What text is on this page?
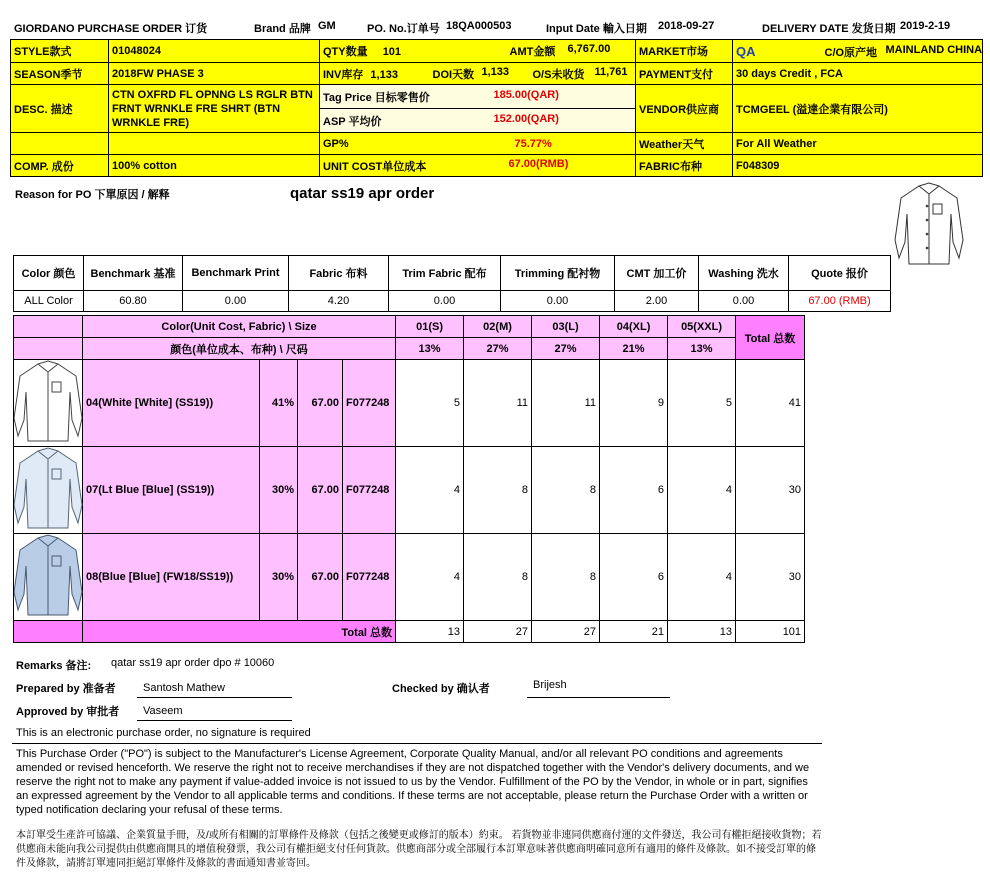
GIORDANO PURCHASE ORDER 订货	Brand 品牌 GM	PO. No.订单号 18QA000503	Input Date 輸入日期 2018-09-27	DELIVERY DATE 发货日期 2019-2-19
STYLE款式	01048024	QTY数量 101 AMT金额 6,767.00	MARKET市场	QA C/O原产地 MAINLAND CHINA

SEASON季节	2018FW PHASE 3	INV库存 1,133 DOI天数 1,133 O/S未收货 11,761	PAYMENT支付	30 days Credit , FCA
DESC. 描述	CTN OXFRD FL OPNNG LS RGLR BTN FRNT WRNKLE FRE SHRT (BTN WRNKLE FRE)	Tag Price 目标零售价 185.00(QAR)	VENDOR供应商	TCMGEEL (溢達企業有限公司)
		ASP 平均价 152.00(QAR)		

		GP% 75.77%	Weather天气	For All Weather
COMP. 成份	100% cotton	UNIT COST单位成本 67.00(RMB)	FABRIC布种	F048309
Reason for PO 下單原因 / 解释	qatar ss19 apr order
Color 颜色	Benchmark 基准	Benchmark Print	Fabric 布料	Trim Fabric 配布	Trimming 配衬物	CMT 加工价	Washing 洗水	Quote 报价
ALL Color	60.80	0.00	4.20	0.00	0.00	2.00	0.00	67.00 (RMB)
	Color(Unit Cost, Fabric) \ Size				01(S)	02(M)	03(L)	04(XL)	05(XXL)	Total 总数
	颜色(单位成本、布种) \ 尺码				13%	27%	27%	21%	13%	
	04(White [White] (SS19))	41%	67.00	F077248	5	11	11	9	5	41
	07(Lt Blue [Blue] (SS19))	30%	67.00	F077248	4	8	8	6	4	30
	08(Blue [Blue] (FW18/SS19))	30%	67.00	F077248	4	8	8	6	4	30
	Total 总数				13	27	27	21	13	101
Remarks 备注: qatar ss19 apr order dpo # 10060
Prepared by 准备者 Santosh Mathew	Checked by 确认者	Brijesh
Approved by 审批者 Vaseem
This is an electronic purchase order, no signature is required
This Purchase Order ("PO") is subject to the Manufacturer's License Agreement, Corporate Quality Manual, and/or all relevant PO conditions and agreements amended or revised henceforth. We reserve the right not to receive merchandises if they are not dispatched together with the Vendor's delivery documents, and we reserve the right not to make any payment if value-added invoice is not issued to us by the Vendor. Fulfillment of the PO by the Vendor, in whole or in part, signifies an expressed agreement by the Vendor to all applicable terms and conditions. If these terms are not acceptable, please return the Purchase Order with a written or typed notification declaring your refusal of these terms.
本訂單受生產許可協議、企業質量手冊，及/或所有相關的訂單條件及條款（包括之後變更或修訂的版本）約束。 若貨物並非連同供應商付運的文件發送，我公司有權拒絕接收貨物；若供應商未能向我公司提供由供應商開具的增值稅發票，我公司有權拒絕支付任何貨款。供應商部分或全部履行本訂單意味著供應商明確同意所有適用的條件及條款。如不接受訂單的條件及條款，請將訂單連同拒絕訂單條件及條款的書面通知書並寄回。
